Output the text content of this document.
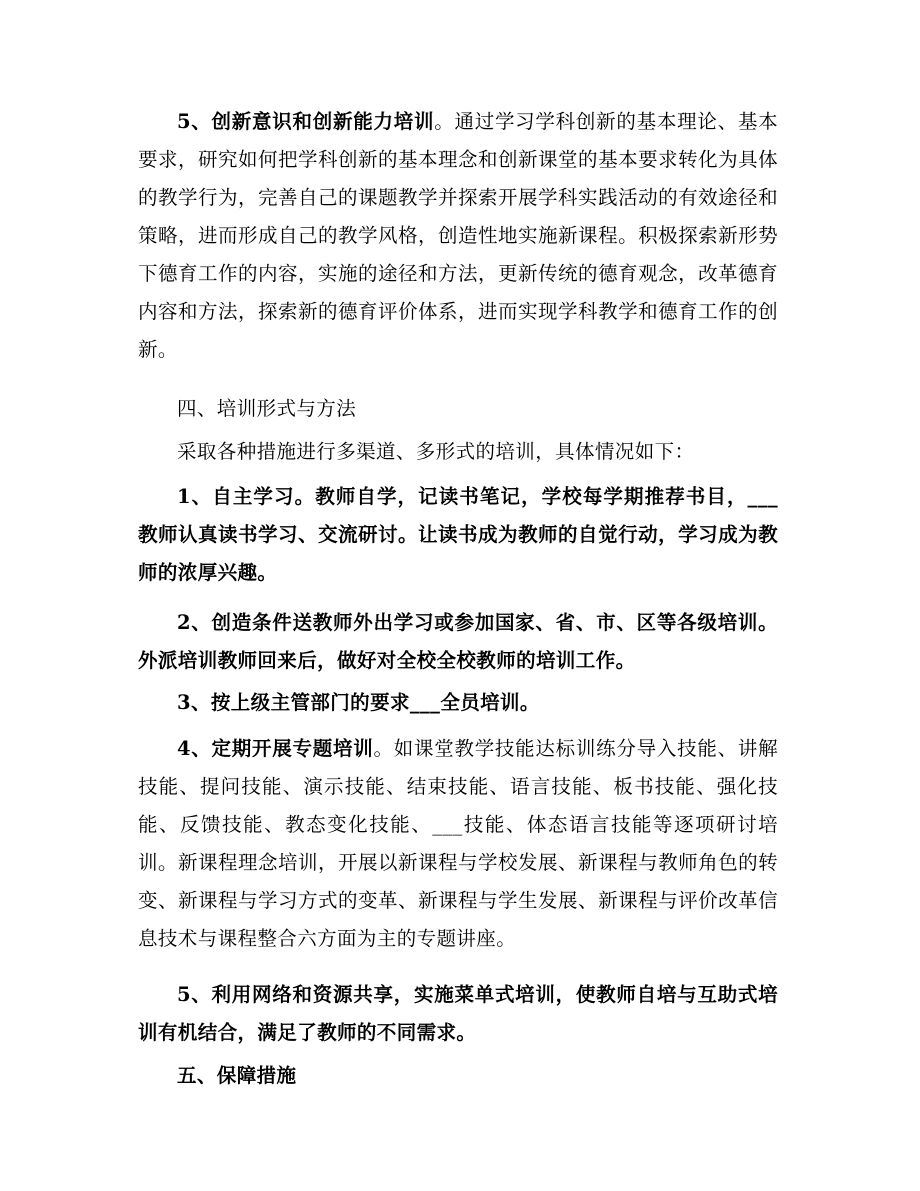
5、创新意识和创新能力培训。通过学习学科创新的基本理论、基本要求，研究如何把学科创新的基本理念和创新课堂的基本要求转化为具体的教学行为，完善自己的课题教学并探索开展学科实践活动的有效途径和策略，进而形成自己的教学风格，创造性地实施新课程。积极探索新形势下德育工作的内容，实施的途径和方法，更新传统的德育观念，改革德育内容和方法，探索新的德育评价体系，进而实现学科教学和德育工作的创新。

四、培训形式与方法

采取各种措施进行多渠道、多形式的培训，具体情况如下：

1、自主学习。教师自学，记读书笔记，学校每学期推荐书目，___教师认真读书学习、交流研讨。让读书成为教师的自觉行动，学习成为教师的浓厚兴趣。

2、创造条件送教师外出学习或参加国家、省、市、区等各级培训。外派培训教师回来后，做好对全校全校教师的培训工作。

3、按上级主管部门的要求___全员培训。

4、定期开展专题培训。如课堂教学技能达标训练分导入技能、讲解技能、提问技能、演示技能、结束技能、语言技能、板书技能、强化技能、反馈技能、教态变化技能、___技能、体态语言技能等逐项研讨培训。新课程理念培训，开展以新课程与学校发展、新课程与教师角色的转变、新课程与学习方式的变革、新课程与学生发展、新课程与评价改革信息技术与课程整合六方面为主的专题讲座。

5、利用网络和资源共享，实施菜单式培训，使教师自培与互助式培训有机结合，满足了教师的不同需求。

五、保障措施
